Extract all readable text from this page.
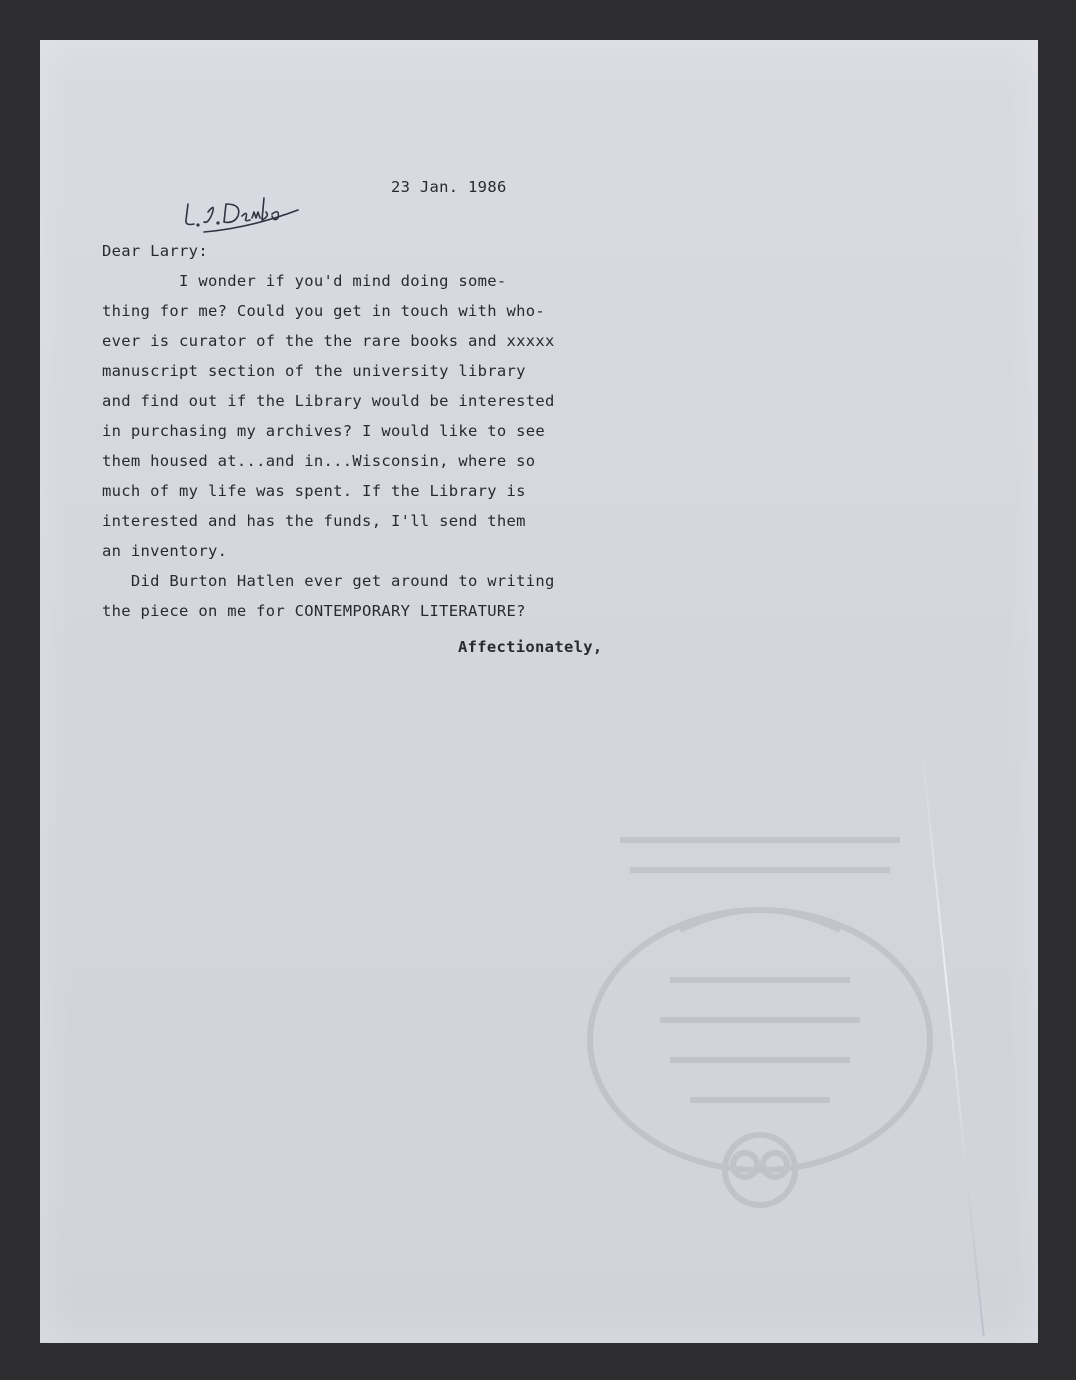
23 Jan. 1986
Dear Larry:
I wonder if you'd mind doing some-
thing for me? Could you get in touch with who-
ever is curator of the the rare books and xxxxx
manuscript section of the university library
and find out if the Library would be interested
in purchasing my archives? I would like to see
them housed at...and in...Wisconsin, where so
much of my life was spent. If the Library is
interested and has the funds, I'll send them
an inventory.
Did Burton Hatlen ever get around to writing
the piece on me for CONTEMPORARY LITERATURE?
Affectionately,
